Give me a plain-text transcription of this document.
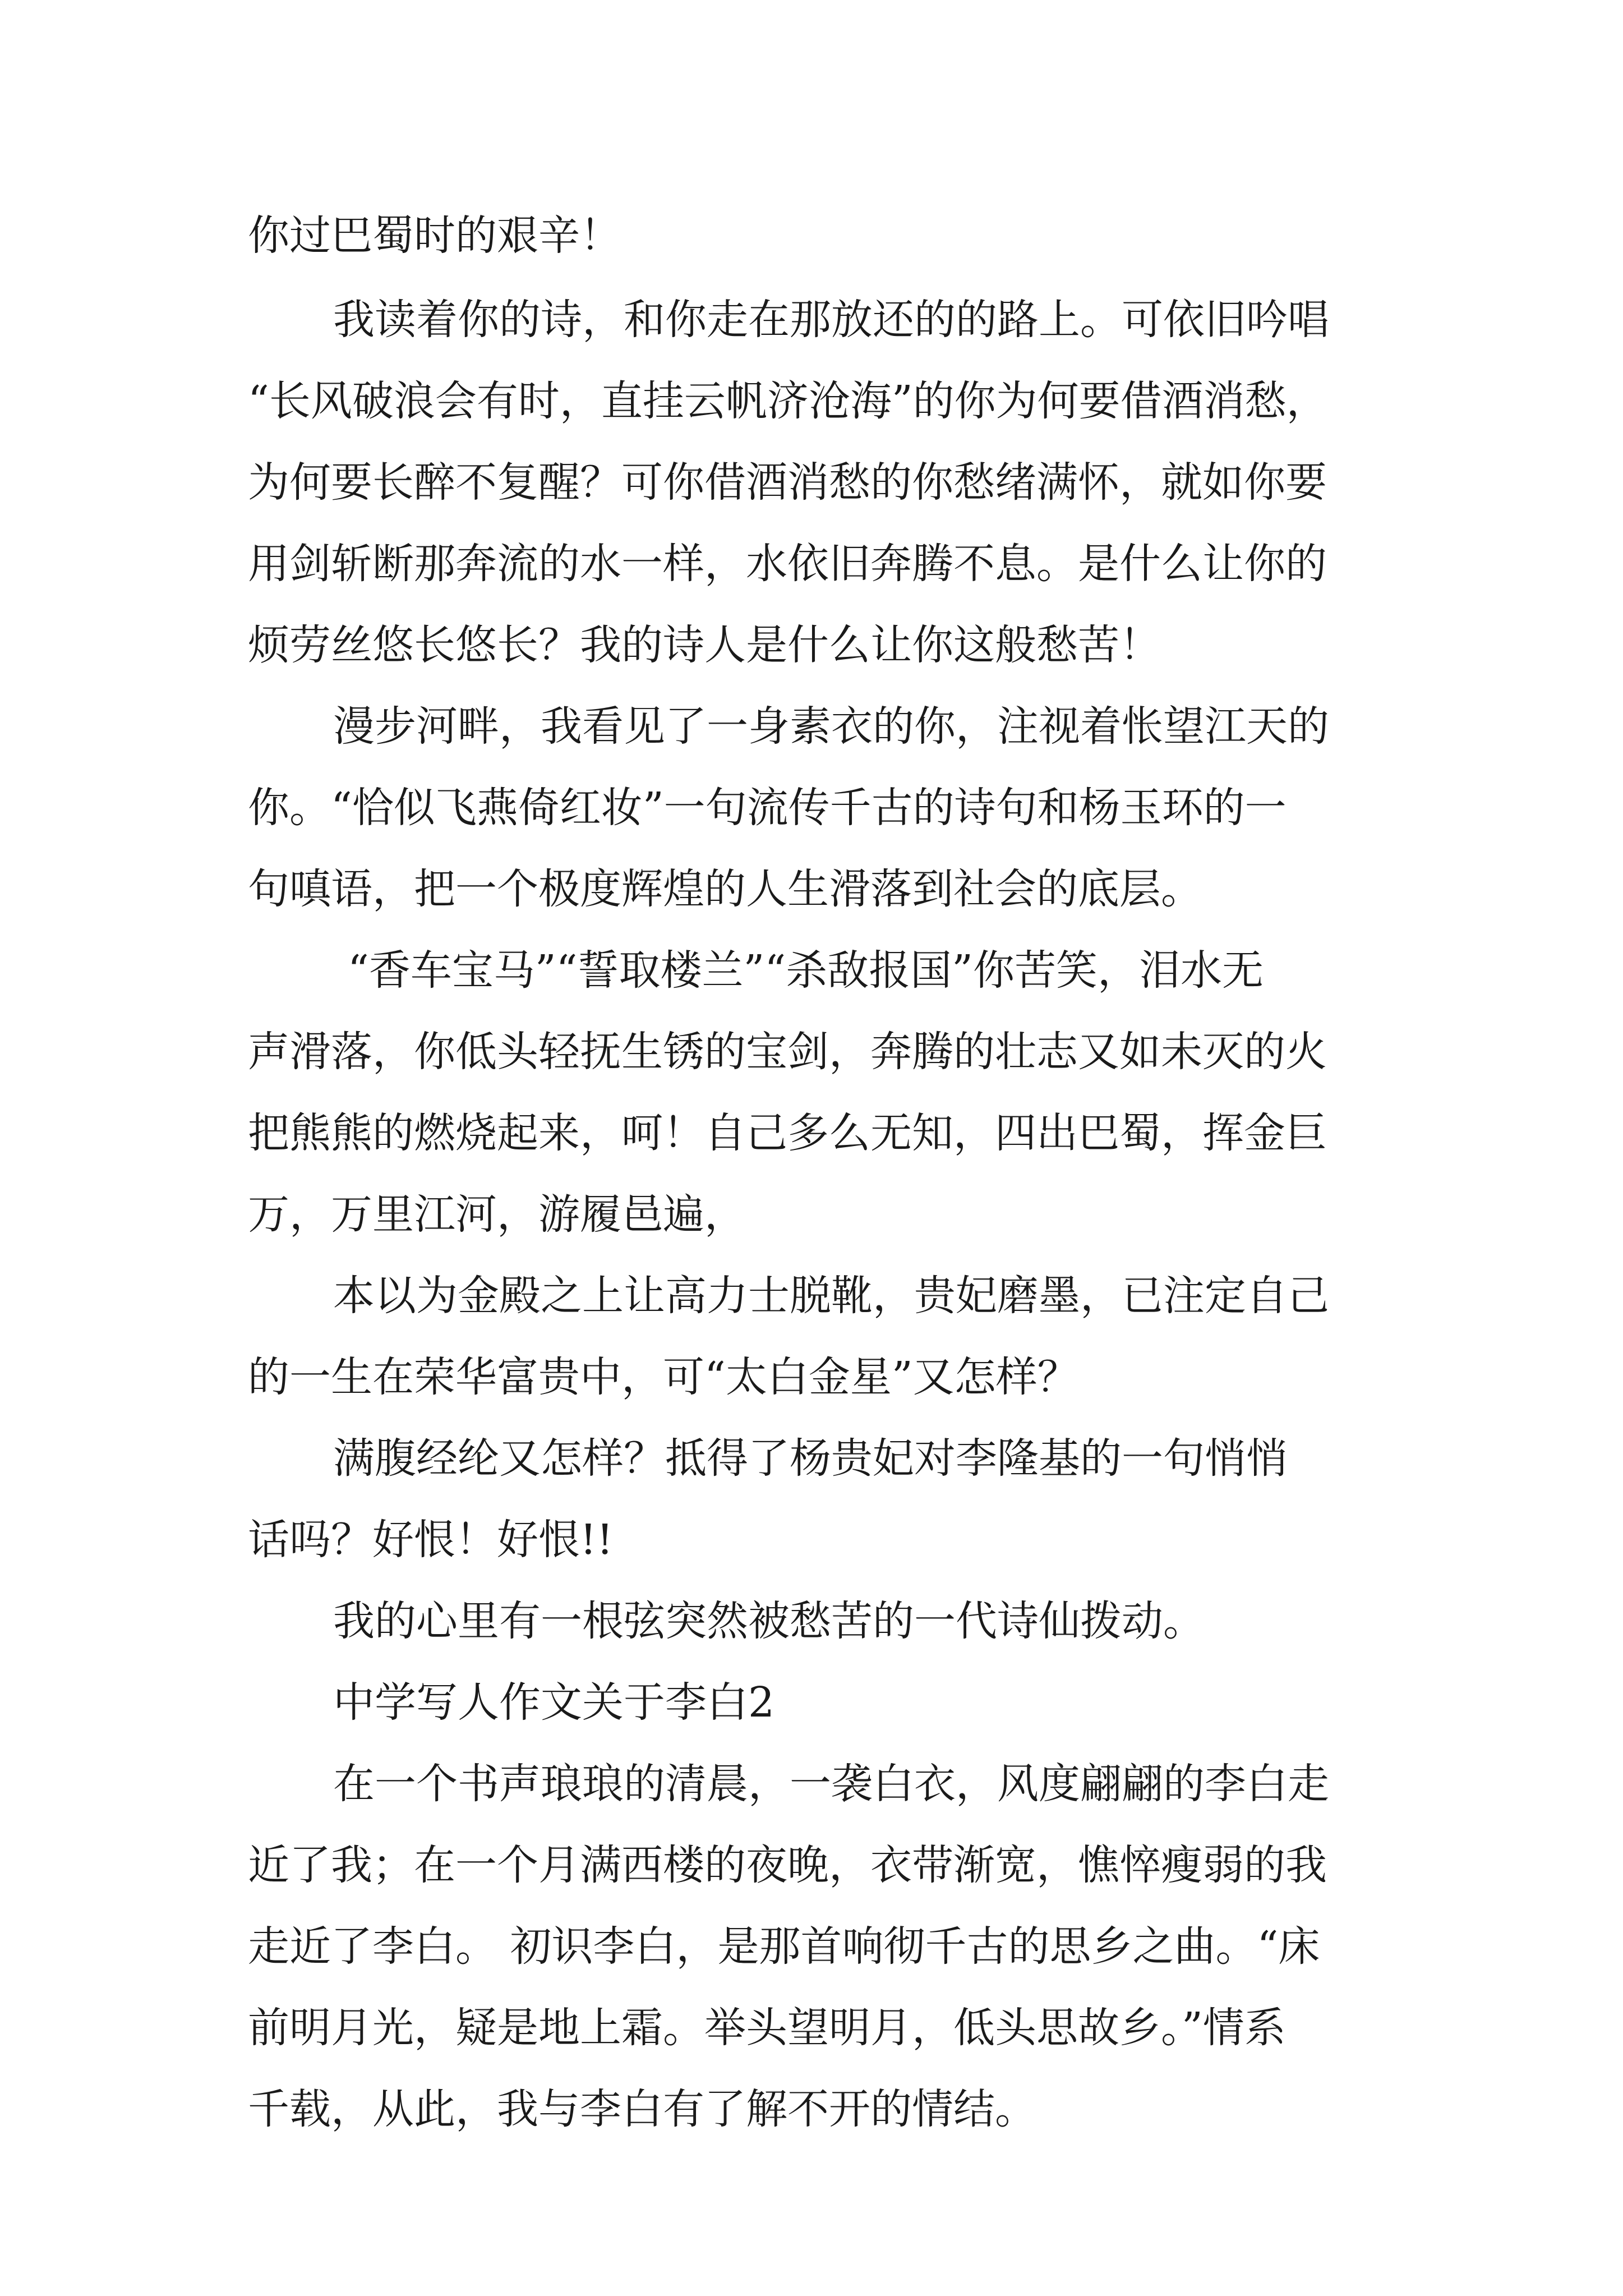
你过巴蜀时的艰辛！
我读着你的诗，和你走在那放还的的路上。可依旧吟唱
“长风破浪会有时，直挂云帆济沧海”的你为何要借酒消愁，
为何要长醉不复醒？可你借酒消愁的你愁绪满怀，就如你要
用剑斩断那奔流的水一样，水依旧奔腾不息。是什么让你的
烦劳丝悠长悠长？我的诗人是什么让你这般愁苦！
漫步河畔，我看见了一身素衣的你，注视着怅望江天的
你。“恰似飞燕倚红妆”一句流传千古的诗句和杨玉环的一
句嗔语，把一个极度辉煌的人生滑落到社会的底层。
“香车宝马”“誓取楼兰”“杀敌报国”你苦笑，泪水无
声滑落，你低头轻抚生锈的宝剑，奔腾的壮志又如未灭的火
把熊熊的燃烧起来，呵！自己多么无知，四出巴蜀，挥金巨
万，万里江河，游履邑遍，
本以为金殿之上让高力士脱靴，贵妃磨墨，已注定自己
的一生在荣华富贵中，可“太白金星”又怎样？
满腹经纶又怎样？抵得了杨贵妃对李隆基的一句悄悄
话吗？好恨！好恨!!
我的心里有一根弦突然被愁苦的一代诗仙拨动。
中学写人作文关于李白2
在一个书声琅琅的清晨，一袭白衣，风度翩翩的李白走
近了我；在一个月满西楼的夜晚，衣带渐宽，憔悴瘦弱的我
走近了李白。 初识李白，是那首响彻千古的思乡之曲。“床
前明月光，疑是地上霜。举头望明月，低头思故乡。”情系
千载，从此，我与李白有了解不开的情结。
